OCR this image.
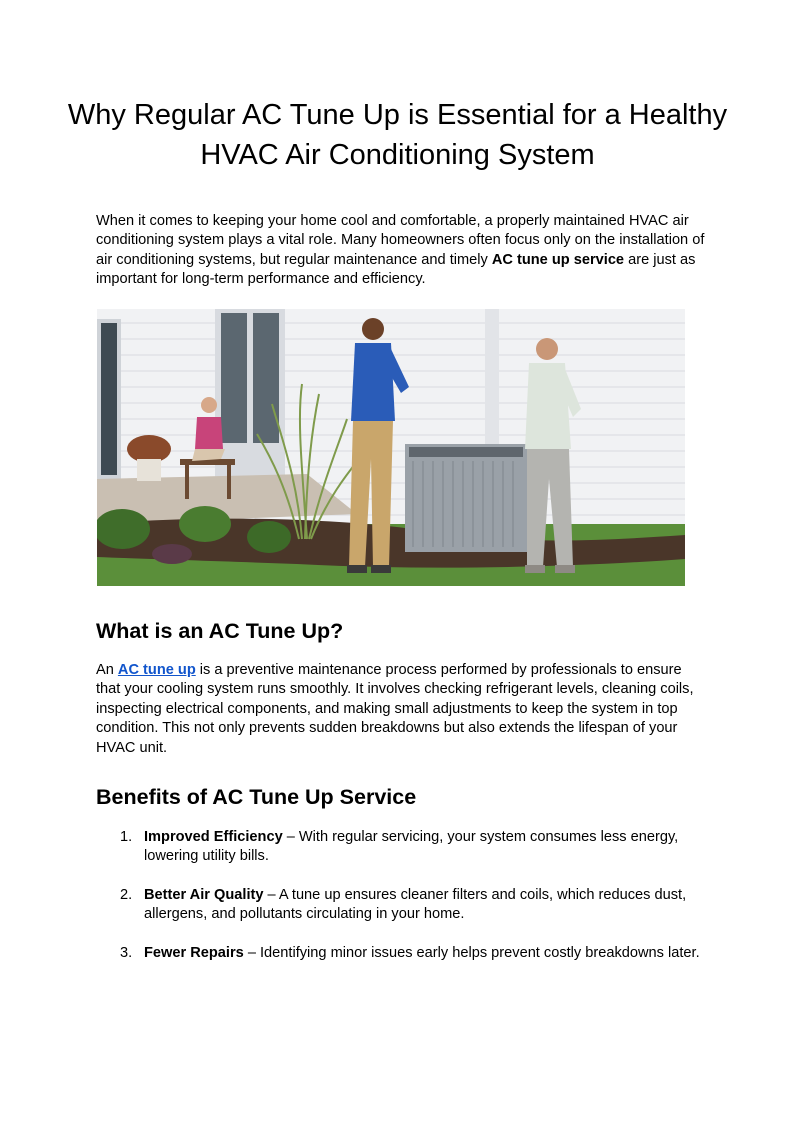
Why Regular AC Tune Up is Essential for a Healthy HVAC Air Conditioning System

When it comes to keeping your home cool and comfortable, a properly maintained HVAC air conditioning system plays a vital role. Many homeowners often focus only on the installation of air conditioning systems, but regular maintenance and timely AC tune up service are just as important for long-term performance and efficiency.

What is an AC Tune Up?

An AC tune up is a preventive maintenance process performed by professionals to ensure that your cooling system runs smoothly. It involves checking refrigerant levels, cleaning coils, inspecting electrical components, and making small adjustments to keep the system in top condition. This not only prevents sudden breakdowns but also extends the lifespan of your HVAC unit.

Benefits of AC Tune Up Service
1. Improved Efficiency – With regular servicing, your system consumes less energy, lowering utility bills.
2. Better Air Quality – A tune up ensures cleaner filters and coils, which reduces dust, allergens, and pollutants circulating in your home.
3. Fewer Repairs – Identifying minor issues early helps prevent costly breakdowns later.
